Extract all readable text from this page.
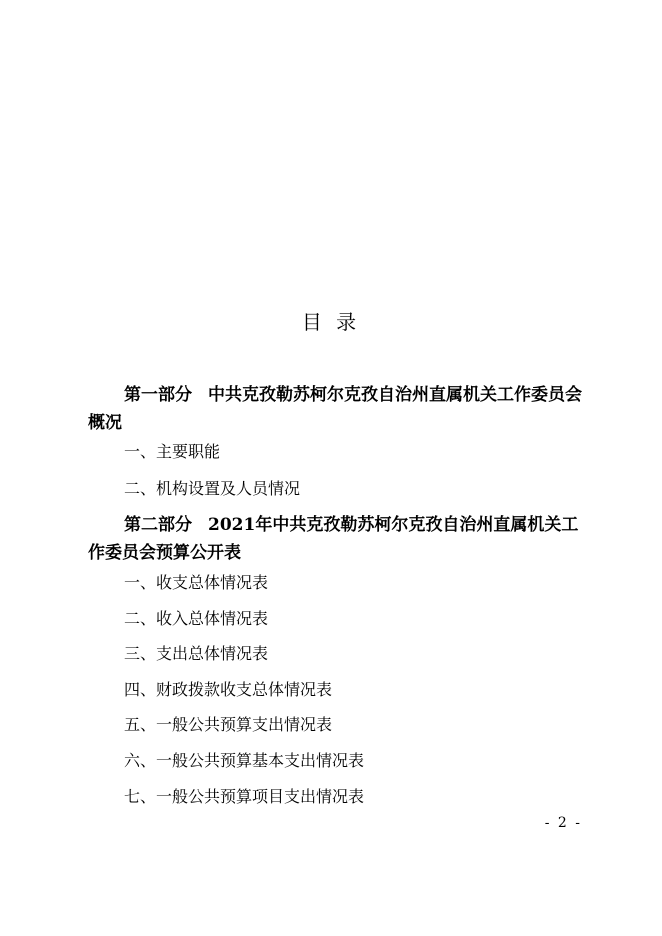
目 录

第一部分 中共克孜勒苏柯尔克孜自治州直属机关工作委员会概况

一、主要职能

二、机构设置及人员情况

第二部分 2021年中共克孜勒苏柯尔克孜自治州直属机关工作委员会预算公开表

一、收支总体情况表

二、收入总体情况表

三、支出总体情况表

四、财政拨款收支总体情况表

五、一般公共预算支出情况表

六、一般公共预算基本支出情况表

七、一般公共预算项目支出情况表

- 2 -
